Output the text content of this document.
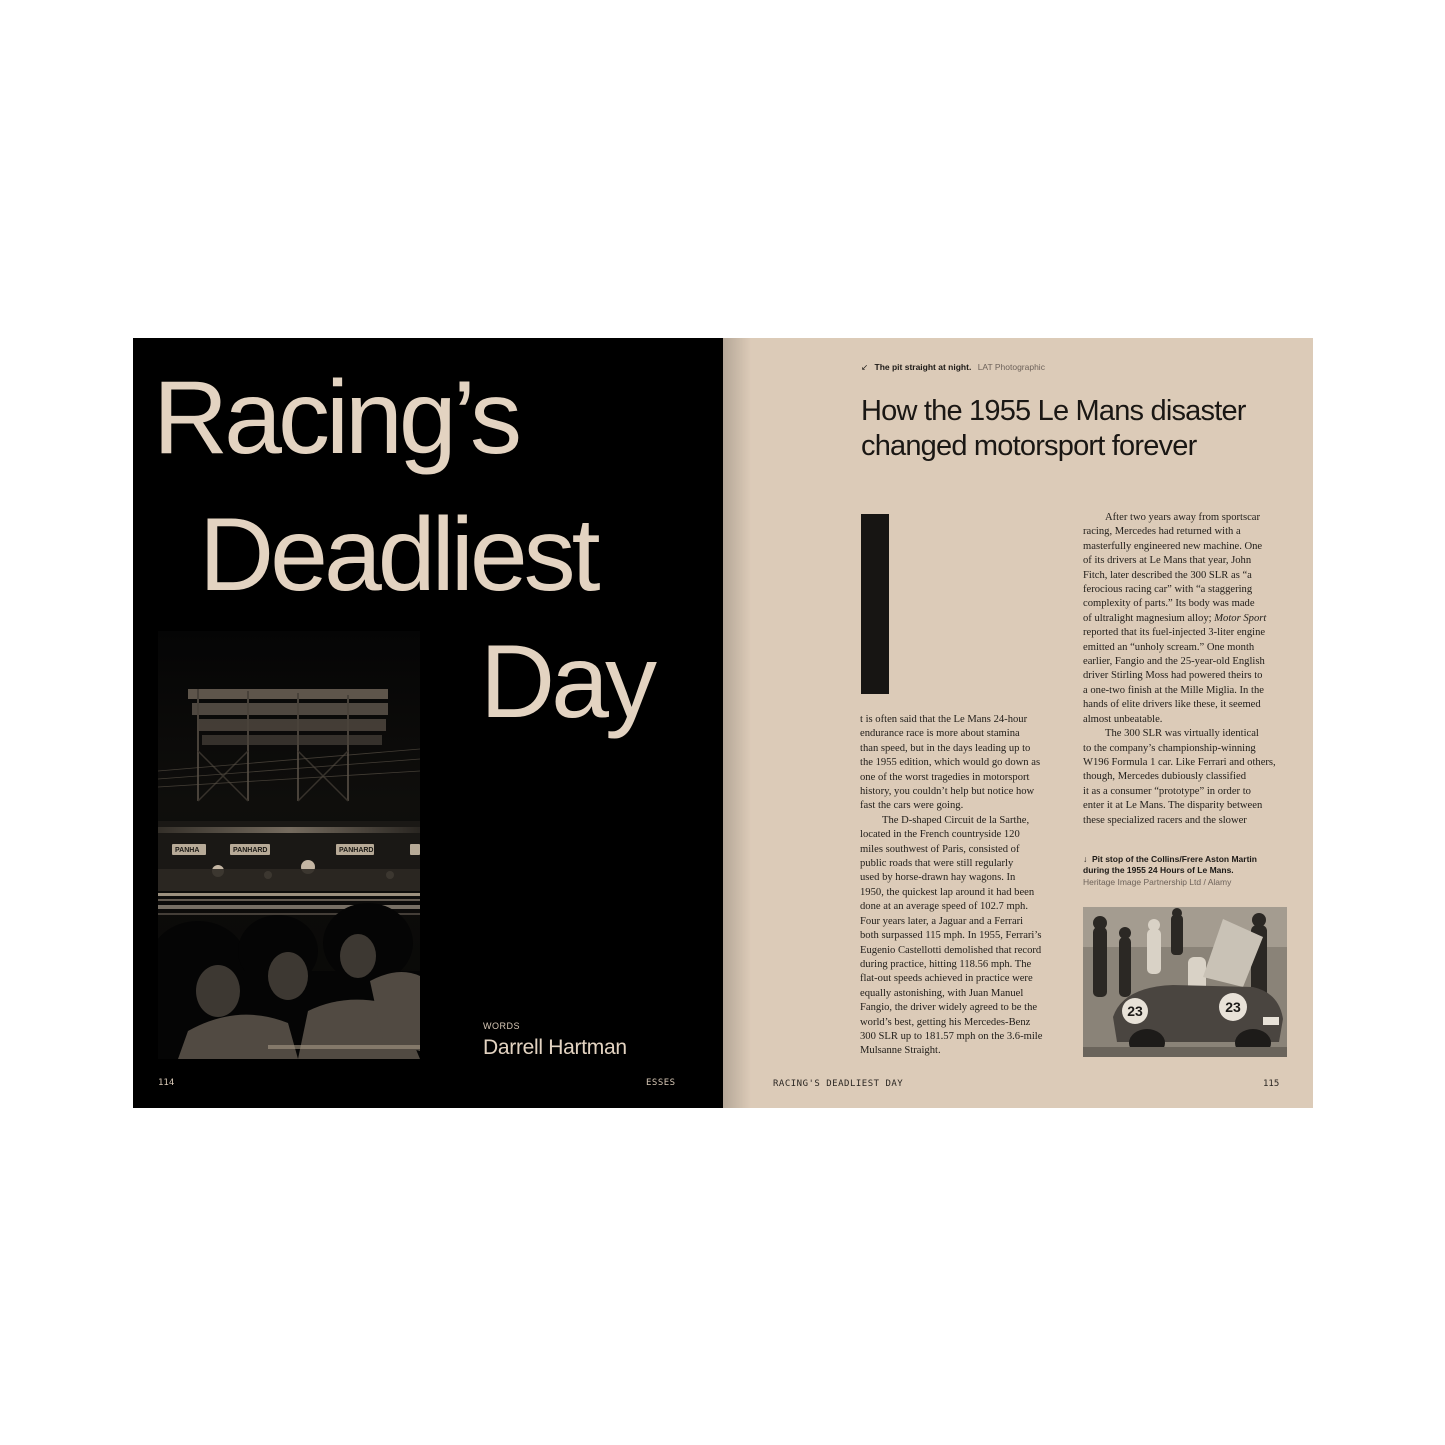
Racing’s
Deadliest
Day
PANHA	PANHARD	PANHARD
WORDS
Darrell Hartman
114	ESSES
↙ The pit straight at night. LAT Photographic
How the 1955 Le Mans disaster
changed motorsport forever
t is often said that the Le Mans 24-hour
endurance race is more about stamina
than speed, but in the days leading up to
the 1955 edition, which would go down as
one of the worst tragedies in motorsport
history, you couldn’t help but notice how
fast the cars were going.
The D-shaped Circuit de la Sarthe,
located in the French countryside 120
miles southwest of Paris, consisted of
public roads that were still regularly
used by horse-drawn hay wagons. In
1950, the quickest lap around it had been
done at an average speed of 102.7 mph.
Four years later, a Jaguar and a Ferrari
both surpassed 115 mph. In 1955, Ferrari’s
Eugenio Castellotti demolished that record
during practice, hitting 118.56 mph. The
flat-out speeds achieved in practice were
equally astonishing, with Juan Manuel
Fangio, the driver widely agreed to be the
world’s best, getting his Mercedes-Benz
300 SLR up to 181.57 mph on the 3.6-mile
Mulsanne Straight.
After two years away from sportscar
racing, Mercedes had returned with a
masterfully engineered new machine. One
of its drivers at Le Mans that year, John
Fitch, later described the 300 SLR as “a
ferocious racing car” with “a staggering
complexity of parts.” Its body was made
of ultralight magnesium alloy; Motor Sport
reported that its fuel-injected 3-liter engine
emitted an “unholy scream.” One month
earlier, Fangio and the 25-year-old English
driver Stirling Moss had powered theirs to
a one-two finish at the Mille Miglia. In the
hands of elite drivers like these, it seemed
almost unbeatable.
The 300 SLR was virtually identical
to the company’s championship-winning
W196 Formula 1 car. Like Ferrari and others,
though, Mercedes dubiously classified
it as a consumer “prototype” in order to
enter it at Le Mans. The disparity between
these specialized racers and the slower
↓ Pit stop of the Collins/Frere Aston Martin
during the 1955 24 Hours of Le Mans.
Heritage Image Partnership Ltd / Alamy
23	23
RACING'S DEADLIEST DAY	115
